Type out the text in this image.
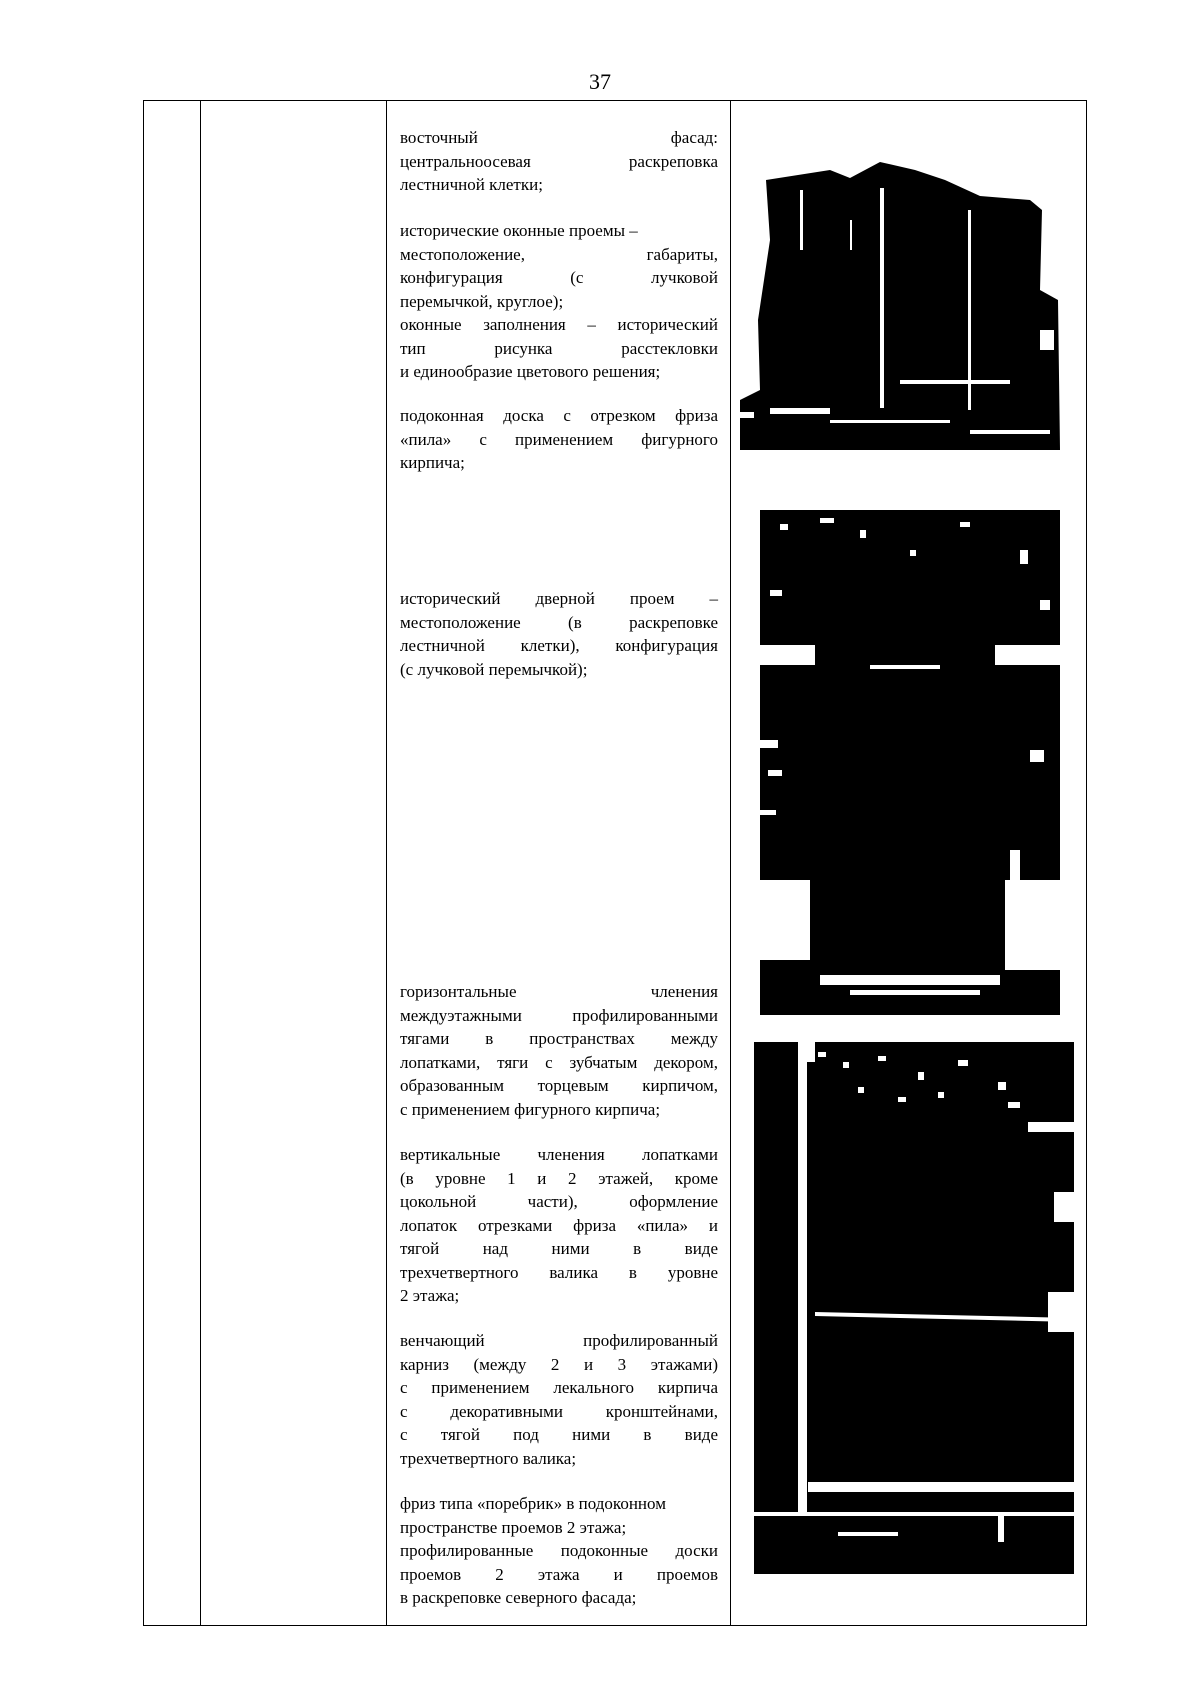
37
восточный фасад:
центральноосевая раскреповка
лестничной клетки;
исторические оконные проемы –
местоположение, габариты,
конфигурация (с лучковой
перемычкой, круглое);
оконные заполнения – исторический
тип рисунка расстекловки
и единообразие цветового решения;
подоконная доска с отрезком фриза
«пила» с применением фигурного
кирпича;
исторический дверной проем –
местоположение (в раскреповке
лестничной клетки), конфигурация
(с лучковой перемычкой);
горизонтальные членения
междуэтажными профилированными
тягами в пространствах между
лопатками, тяги с зубчатым декором,
образованным торцевым кирпичом,
с применением фигурного кирпича;
вертикальные членения лопатками
(в уровне 1 и 2 этажей, кроме
цокольной части), оформление
лопаток отрезками фриза «пила» и
тягой над ними в виде
трехчетвертного валика в уровне
2 этажа;
венчающий профилированный
карниз (между 2 и 3 этажами)
с применением лекального кирпича
с декоративными кронштейнами,
с тягой под ними в виде
трехчетвертного валика;
фриз типа «поребрик» в подоконном
пространстве проемов 2 этажа;
профилированные подоконные доски
проемов 2 этажа и проемов
в раскреповке северного фасада;
